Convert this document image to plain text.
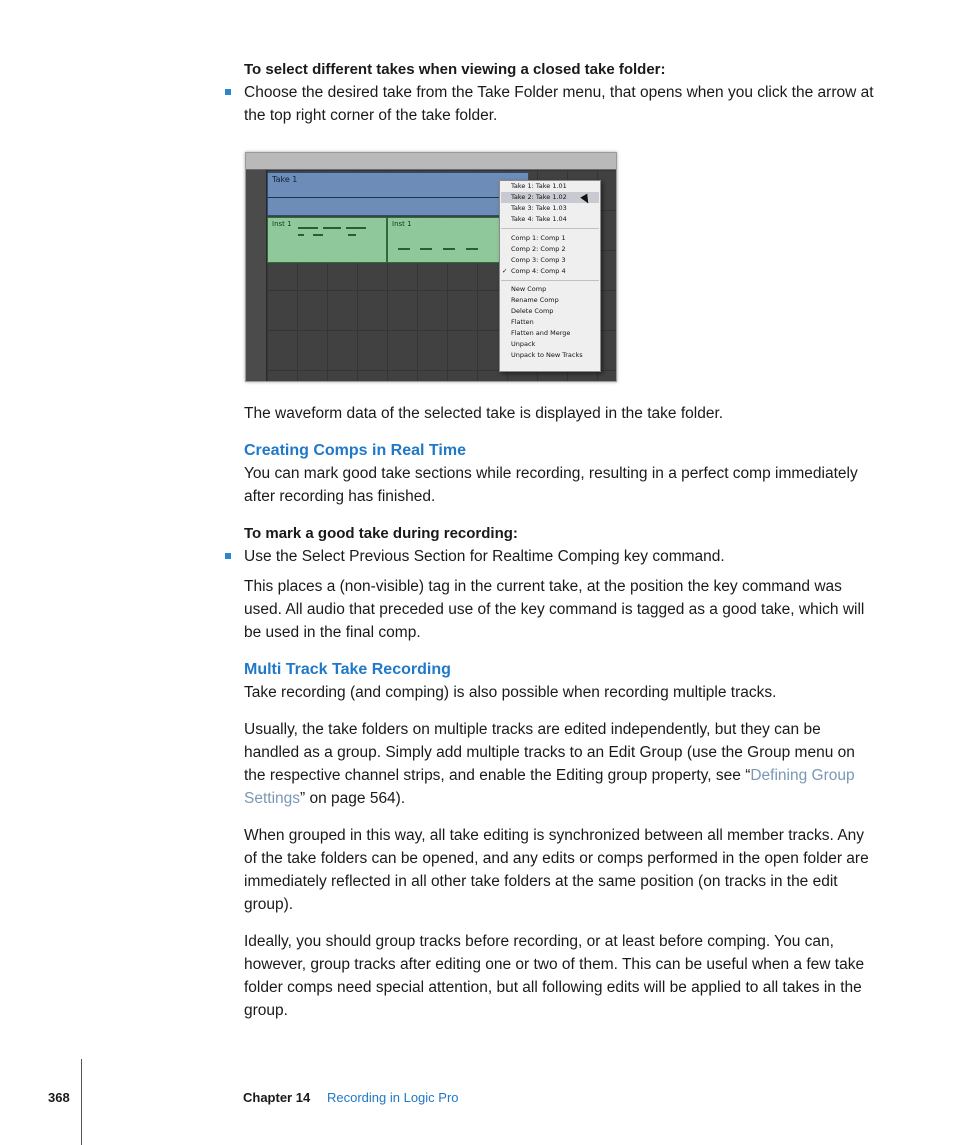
To select different takes when viewing a closed take folder:
Choose the desired take from the Take Folder menu, that opens when you click the arrow at the top right corner of the take folder.
Take 1
Inst 1	Inst 1
Take 1: Take 1.01
Take 2: Take 1.02
Take 3: Take 1.03
Take 4: Take 1.04
Comp 1: Comp 1
Comp 2: Comp 2
Comp 3: Comp 3
✓ Comp 4: Comp 4
New Comp
Rename Comp
Delete Comp
Flatten
Flatten and Merge
Unpack
Unpack to New Tracks
The waveform data of the selected take is displayed in the take folder.
Creating Comps in Real Time
You can mark good take sections while recording, resulting in a perfect comp immediately after recording has finished.
To mark a good take during recording:
Use the Select Previous Section for Realtime Comping key command.
This places a (non-visible) tag in the current take, at the position the key command was used. All audio that preceded use of the key command is tagged as a good take, which will be used in the final comp.
Multi Track Take Recording
Take recording (and comping) is also possible when recording multiple tracks.
Usually, the take folders on multiple tracks are edited independently, but they can be handled as a group. Simply add multiple tracks to an Edit Group (use the Group menu on the respective channel strips, and enable the Editing group property, see “Defining Group Settings” on page 564).
When grouped in this way, all take editing is synchronized between all member tracks. Any of the take folders can be opened, and any edits or comps performed in the open folder are immediately reflected in all other take folders at the same position (on tracks in the edit group).
Ideally, you should group tracks before recording, or at least before comping. You can, however, group tracks after editing one or two of them. This can be useful when a few take folder comps need special attention, but all following edits will be applied to all takes in the group.
368	Chapter 14 Recording in Logic Pro
